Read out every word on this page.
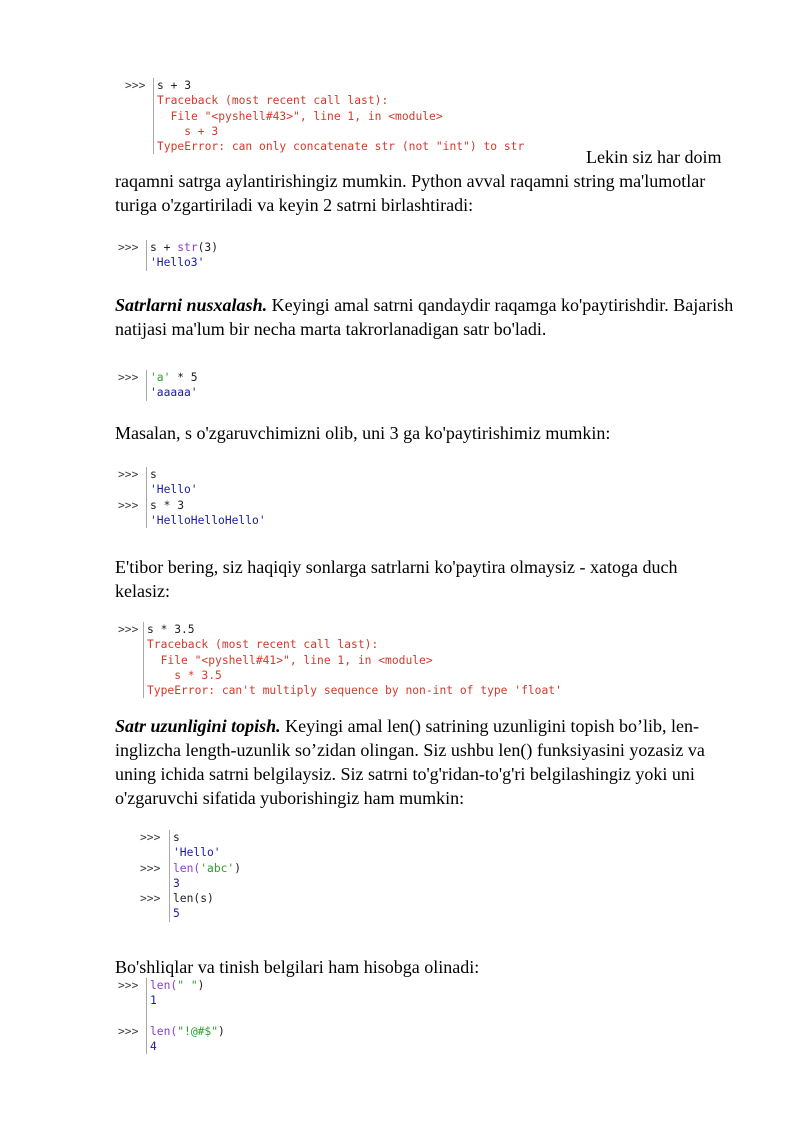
>>> s + 3
Traceback (most recent call last):
File "<pyshell#43>", line 1, in <module>
s + 3
TypeError: can only concatenate str (not "int") to str
Lekin siz har doim

raqamni satrga aylantirishingiz mumkin. Python avval raqamni string ma'lumotlar turiga o'zgartiriladi va keyin 2 satrni birlashtiradi:

>>>

s + str(3)

'Hello3'

Satrlarni nusxalash. Keyingi amal satrni qandaydir raqamga ko'paytirishdir. Bajarish natijasi ma'lum bir necha marta takrorlanadigan satr bo'ladi.

>>>

'a' * 5

'aaaaa'

Masalan, s o'zgaruvchimizni olib, uni 3 ga ko'paytirishimiz mumkin:

>>>

s

'Hello'

>>>

s * 3

'HelloHelloHello'

E'tibor bering, siz haqiqiy sonlarga satrlarni ko'paytira olmaysiz - xatoga duch kelasiz:

>>> s * 3.5
Traceback (most recent call last):
File "<pyshell#41>", line 1, in <module>
s * 3.5
TypeError: can't multiply sequence by non-int of type 'float'

Satr uzunligini topish. Keyingi amal len() satrining uzunligini topish bo’lib, len- inglizcha length-uzunlik so’zidan olingan. Siz ushbu len() funksiyasini yozasiz va uning ichida satrni belgilaysiz. Siz satrni to'g'ridan-to'g'ri belgilashingiz yoki uni o'zgaruvchi sifatida yuborishingiz ham mumkin:

>>>

s

'Hello'

>>>

len('abc')

3

>>>

len(s)

5

Bo'shliqlar va tinish belgilari ham hisobga olinadi:

>>>

len(" ")

1

>>>

len("!@#$")

4
